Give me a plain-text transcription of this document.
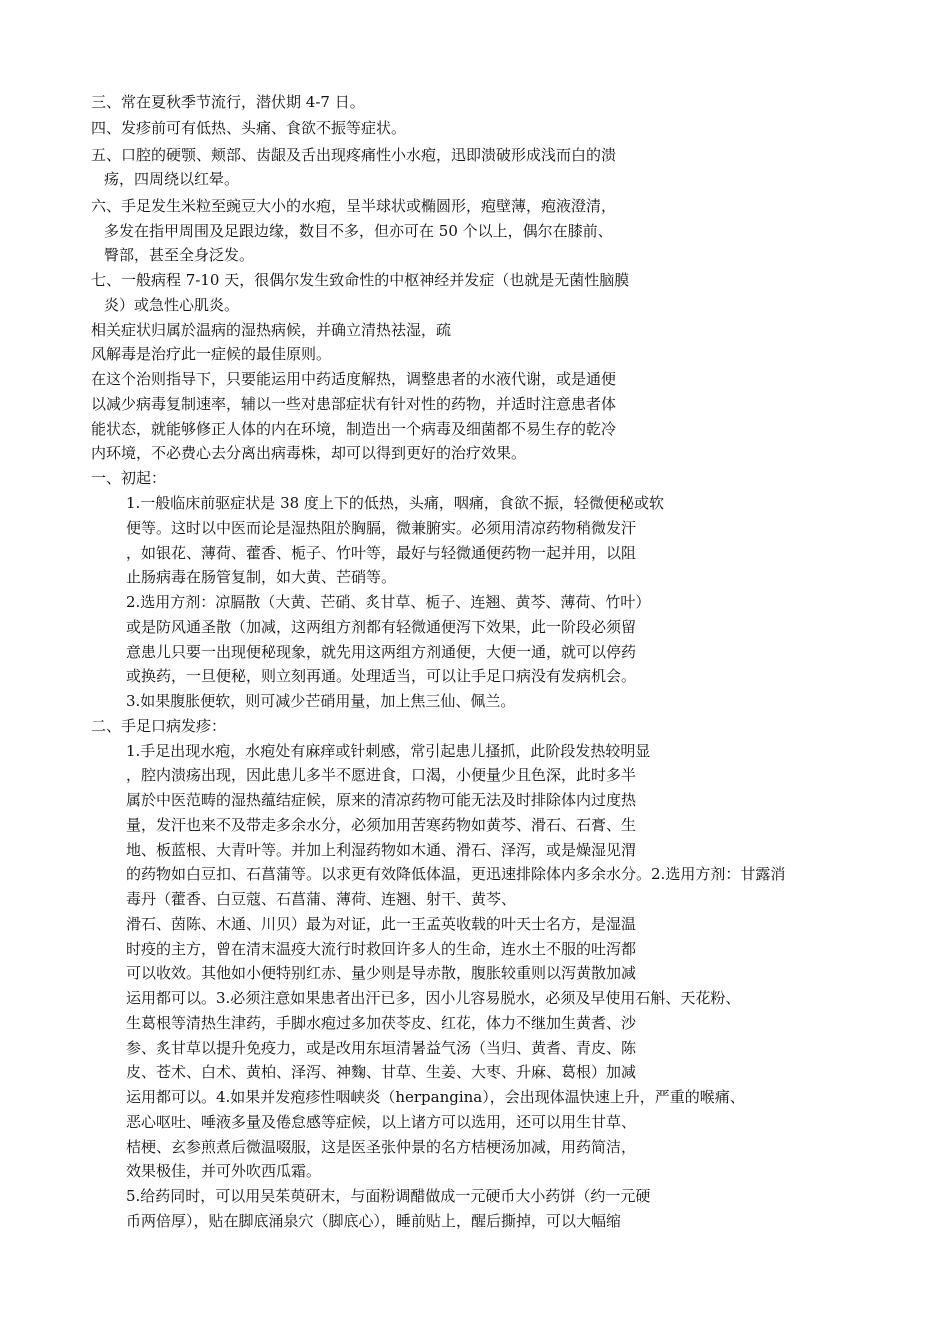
三、常在夏秋季节流行，潜伏期 4-7 日。
四、发疹前可有低热、头痛、食欲不振等症状。
五、口腔的硬颚、颊部、齿龈及舌出现疼痛性小水疱，迅即溃破形成浅而白的溃
疡，四周绕以红晕。
六、手足发生米粒至豌豆大小的水疱，呈半球状或椭圆形，疱壁薄，疱液澄清，
多发在指甲周围及足跟边缘，数目不多，但亦可在 50 个以上，偶尔在膝前、
臀部，甚至全身泛发。
七、一般病程 7-10 天，很偶尔发生致命性的中枢神经并发症（也就是无菌性脑膜
炎）或急性心肌炎。
相关症状归属於温病的湿热病候，并确立清热祛湿，疏
风解毒是治疗此一症候的最佳原则。
在这个治则指导下，只要能运用中药适度解热，调整患者的水液代谢，或是通便
以减少病毒复制速率，辅以一些对患部症状有针对性的药物，并适时注意患者体
能状态，就能够修正人体的内在环境，制造出一个病毒及细菌都不易生存的乾冷
内环境，不必费心去分离出病毒株，却可以得到更好的治疗效果。
一、初起：
1.一般临床前驱症状是 38 度上下的低热，头痛，咽痛，食欲不振，轻微便秘或软
便等。这时以中医而论是湿热阻於胸膈，微兼腑实。必须用清凉药物稍微发汗
，如银花、薄荷、藿香、栀子、竹叶等，最好与轻微通便药物一起并用，以阻
止肠病毒在肠管复制，如大黄、芒硝等。
2.选用方剂：凉膈散（大黄、芒硝、炙甘草、栀子、连翘、黄芩、薄荷、竹叶）
或是防风通圣散（加减，这两组方剂都有轻微通便泻下效果，此一阶段必须留
意患儿只要一出现便秘现象，就先用这两组方剂通便，大便一通，就可以停药
或换药，一旦便秘，则立刻再通。处理适当，可以让手足口病没有发病机会。
3.如果腹胀便软，则可减少芒硝用量，加上焦三仙、佩兰。
二、手足口病发疹：
1.手足出现水疱，水疱处有麻痒或针刺感，常引起患儿搔抓，此阶段发热较明显
，腔内溃疡出现，因此患儿多半不愿进食，口渴，小便量少且色深，此时多半
属於中医范畴的湿热蕴结症候，原来的清凉药物可能无法及时排除体内过度热
量，发汗也来不及带走多余水分，必须加用苦寒药物如黄芩、滑石、石膏、生
地、板蓝根、大青叶等。并加上利湿药物如木通、滑石、泽泻，或是燥湿见渭
的药物如白豆扣、石菖蒲等。以求更有效降低体温，更迅速排除体内多余水分。2.选用方剂：甘露消
毒丹（藿香、白豆蔻、石菖蒲、薄荷、连翘、射干、黄芩、
滑石、茵陈、木通、川贝）最为对证，此一王孟英收载的叶天士名方，是湿温
时疫的主方，曾在清末温疫大流行时救回许多人的生命，连水土不服的吐泻都
可以收效。其他如小便特别红赤、量少则是导赤散，腹胀较重则以泻黄散加减
运用都可以。3.必须注意如果患者出汗已多，因小儿容易脱水，必须及早使用石斛、天花粉、
生葛根等清热生津药，手脚水疱过多加茯苓皮、红花，体力不继加生黄耆、沙
参、炙甘草以提升免疫力，或是改用东垣清暑益气汤（当归、黄耆、青皮、陈
皮、苍术、白术、黄柏、泽泻、神麴、甘草、生姜、大枣、升麻、葛根）加减
运用都可以。4.如果并发疱疹性咽峡炎（herpangina），会出现体温快速上升，严重的喉痛、
恶心呕吐、唾液多量及倦怠感等症候，以上诸方可以选用，还可以用生甘草、
桔梗、玄参煎煮后微温啜服，这是医圣张仲景的名方桔梗汤加减，用药简洁，
效果极佳，并可外吹西瓜霜。
5.给药同时，可以用吴茱萸研末，与面粉调醋做成一元硬币大小药饼（约一元硬
币两倍厚），贴在脚底涌泉穴（脚底心），睡前贴上，醒后撕掉，可以大幅缩
